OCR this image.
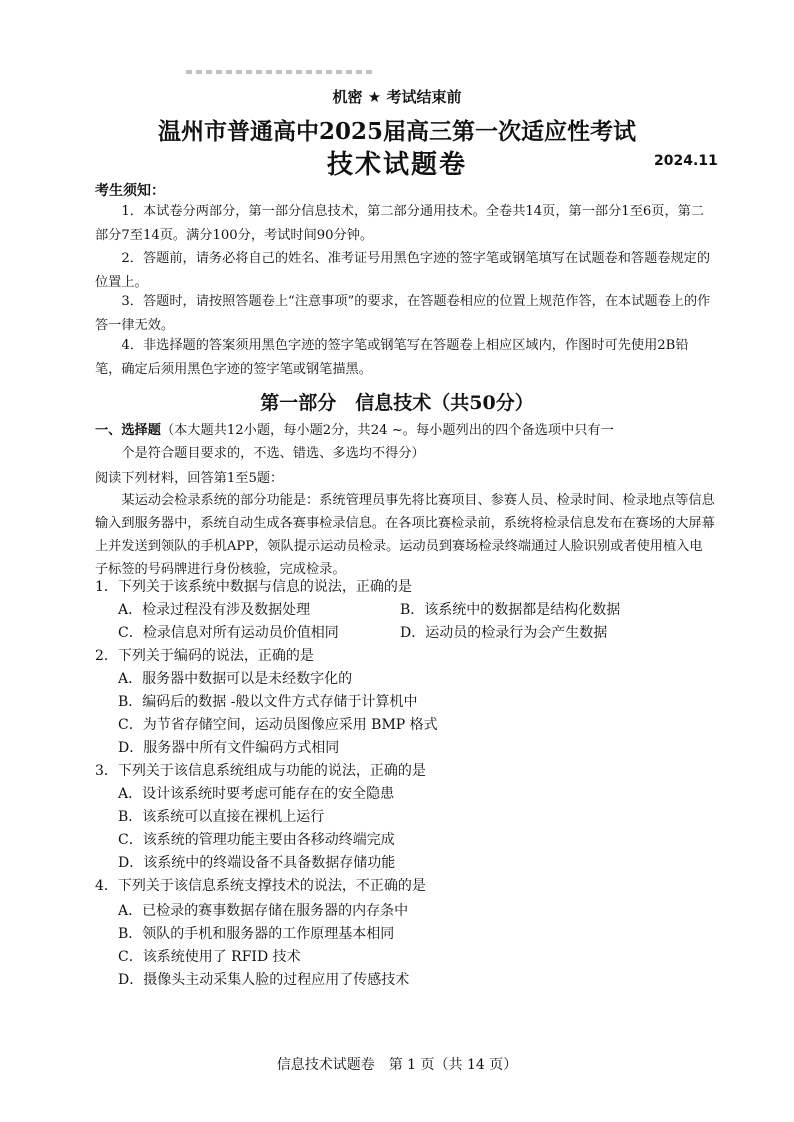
机密 ★ 考试结束前
温州市普通高中2025届高三第一次适应性考试
技术试题卷	2024.11
考生须知：
1．本试卷分两部分，第一部分信息技术，第二部分通用技术。全卷共14页，第一部分1至6页，第二部分7至14页。满分100分，考试时间90分钟。
2．答题前，请务必将自己的姓名、准考证号用黑色字迹的签字笔或钢笔填写在试题卷和答题卷规定的位置上。
3．答题时，请按照答题卷上“注意事项”的要求，在答题卷相应的位置上规范作答，在本试题卷上的作答一律无效。
4．非选择题的答案须用黑色字迹的签字笔或钢笔写在答题卷上相应区域内，作图时可先使用2B铅笔，确定后须用黑色字迹的签字笔或钢笔描黑。
第一部分　信息技术（共50分）
一、选择题（本大题共12小题，每小题2分，共24 ~。每小题列出的四个备选项中只有一
个是符合题目要求的，不选、错选、多选均不得分）
阅读下列材料，回答第1至5题：
某运动会检录系统的部分功能是：系统管理员事先将比赛项目、参赛人员、检录时间、检录地点等信息输入到服务器中，系统自动生成各赛事检录信息。在各项比赛检录前，系统将检录信息发布在赛场的大屏幕上并发送到领队的手机APP，领队提示运动员检录。运动员到赛场检录终端通过人脸识别或者使用植入电子标签的号码牌进行身份核验，完成检录。
1．下列关于该系统中数据与信息的说法，正确的是
A．检录过程没有涉及数据处理	B．该系统中的数据都是结构化数据
C．检录信息对所有运动员价值相同	D．运动员的检录行为会产生数据
2．下列关于编码的说法，正确的是
A．服务器中数据可以是未经数字化的
B．编码后的数据 -般以文件方式存储于计算机中
C．为节省存储空间，运动员图像应采用 BMP 格式
D．服务器中所有文件编码方式相同
3．下列关于该信息系统组成与功能的说法，正确的是
A．设计该系统时要考虑可能存在的安全隐患
B．该系统可以直接在裸机上运行
C．该系统的管理功能主要由各移动终端完成
D．该系统中的终端设备不具备数据存储功能
4．下列关于该信息系统支撑技术的说法，不正确的是
A．已检录的赛事数据存储在服务器的内存条中
B．领队的手机和服务器的工作原理基本相同
C．该系统使用了 RFID 技术
D．摄像头主动采集人脸的过程应用了传感技术
信息技术试题卷　第 1 页（共 14 页）
